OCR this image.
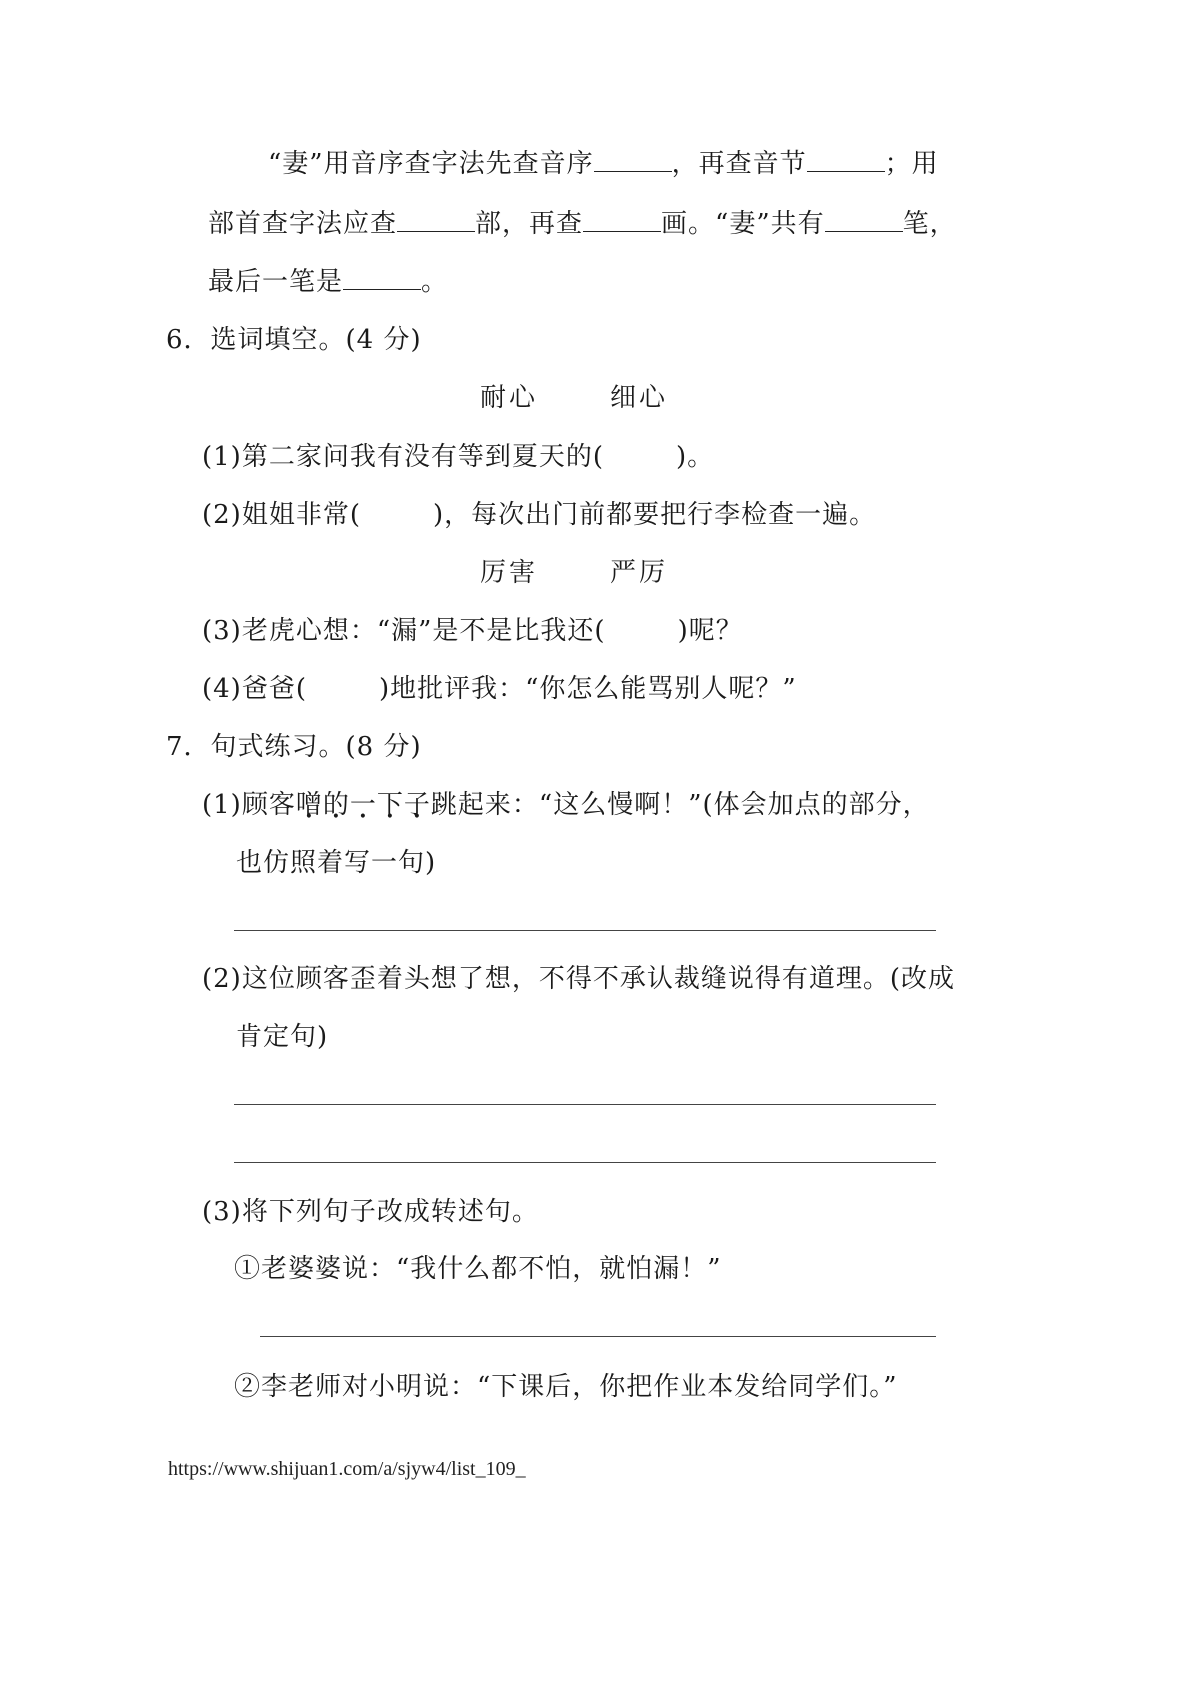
“妻”用音序查字法先查音序	，再查音节	；用
部首查字法应查	部，再查	画。“妻”共有	笔，
最后一笔是	。
6．选词填空。(4 分)
耐心	细心
(1)第二家问我有没有等到夏天的(	)。
(2)姐姐非常(	)，每次出门前都要把行李检查一遍。
厉害	严厉
(3)老虎心想：“漏”是不是比我还(	)呢？
(4)爸爸(	)地批评我：“你怎么能骂别人呢？”
7．句式练习。(8 分)
(1)顾客噌的一下子跳起来：“这么慢啊！”(体会加点的部分，
也仿照着写一句)
(2)这位顾客歪着头想了想，不得不承认裁缝说得有道理。(改成
肯定句)
(3)将下列句子改成转述句。
①老婆婆说：“我什么都不怕，就怕漏！”
②李老师对小明说：“下课后，你把作业本发给同学们。”
https://www.shijuan1.com/a/sjyw4/list_109_
